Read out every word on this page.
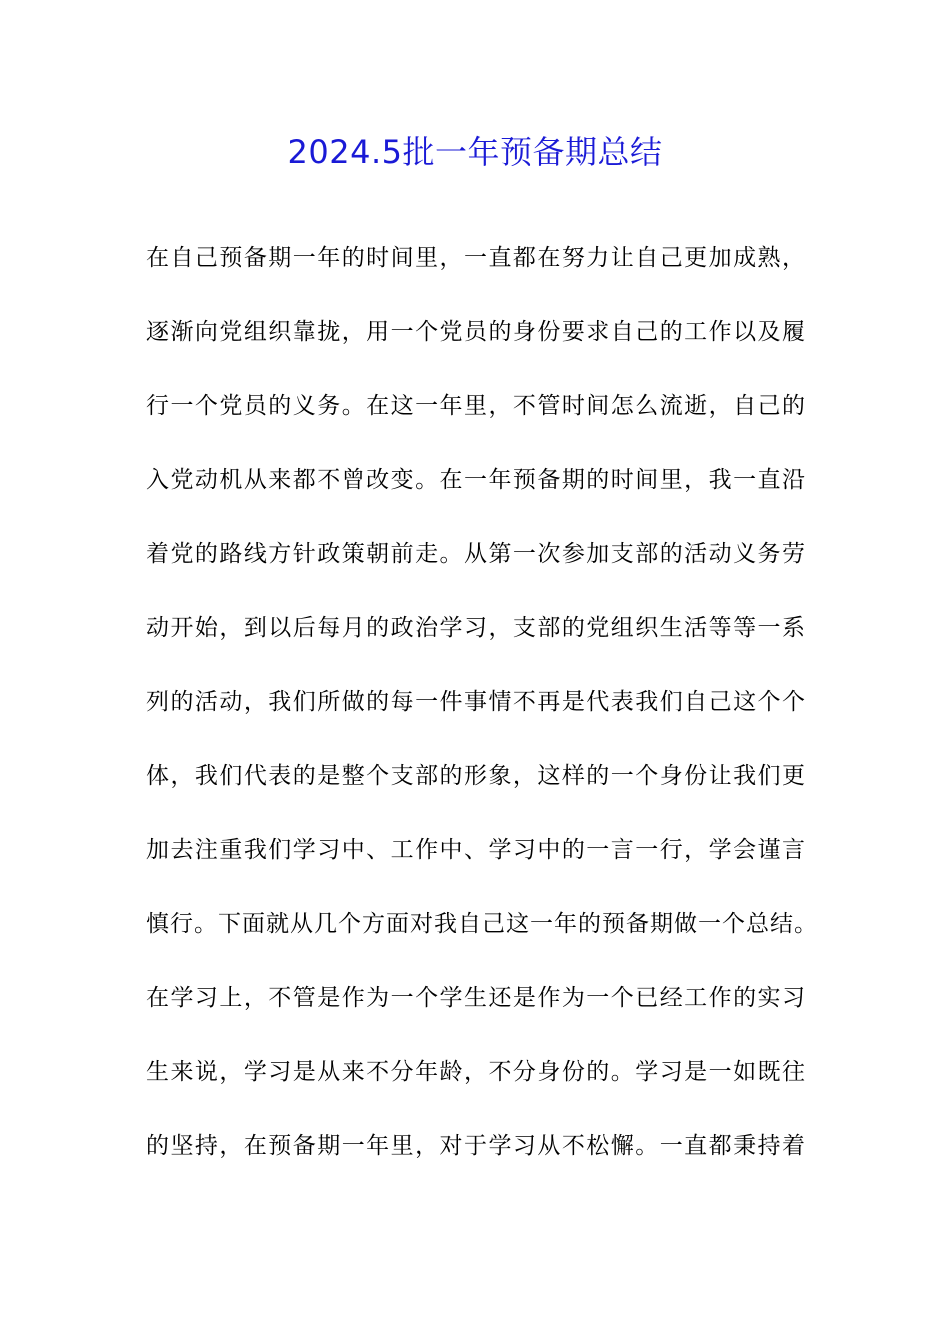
2024.5批一年预备期总结
在自己预备期一年的时间里，一直都在努力让自己更加成熟，
逐渐向党组织靠拢，用一个党员的身份要求自己的工作以及履
行一个党员的义务。在这一年里，不管时间怎么流逝，自己的
入党动机从来都不曾改变。在一年预备期的时间里，我一直沿
着党的路线方针政策朝前走。从第一次参加支部的活动义务劳
动开始，到以后每月的政治学习，支部的党组织生活等等一系
列的活动，我们所做的每一件事情不再是代表我们自己这个个
体，我们代表的是整个支部的形象，这样的一个身份让我们更
加去注重我们学习中、工作中、学习中的一言一行，学会谨言
慎行。下面就从几个方面对我自己这一年的预备期做一个总结。
在学习上，不管是作为一个学生还是作为一个已经工作的实习
生来说，学习是从来不分年龄，不分身份的。学习是一如既往
的坚持，在预备期一年里，对于学习从不松懈。一直都秉持着
